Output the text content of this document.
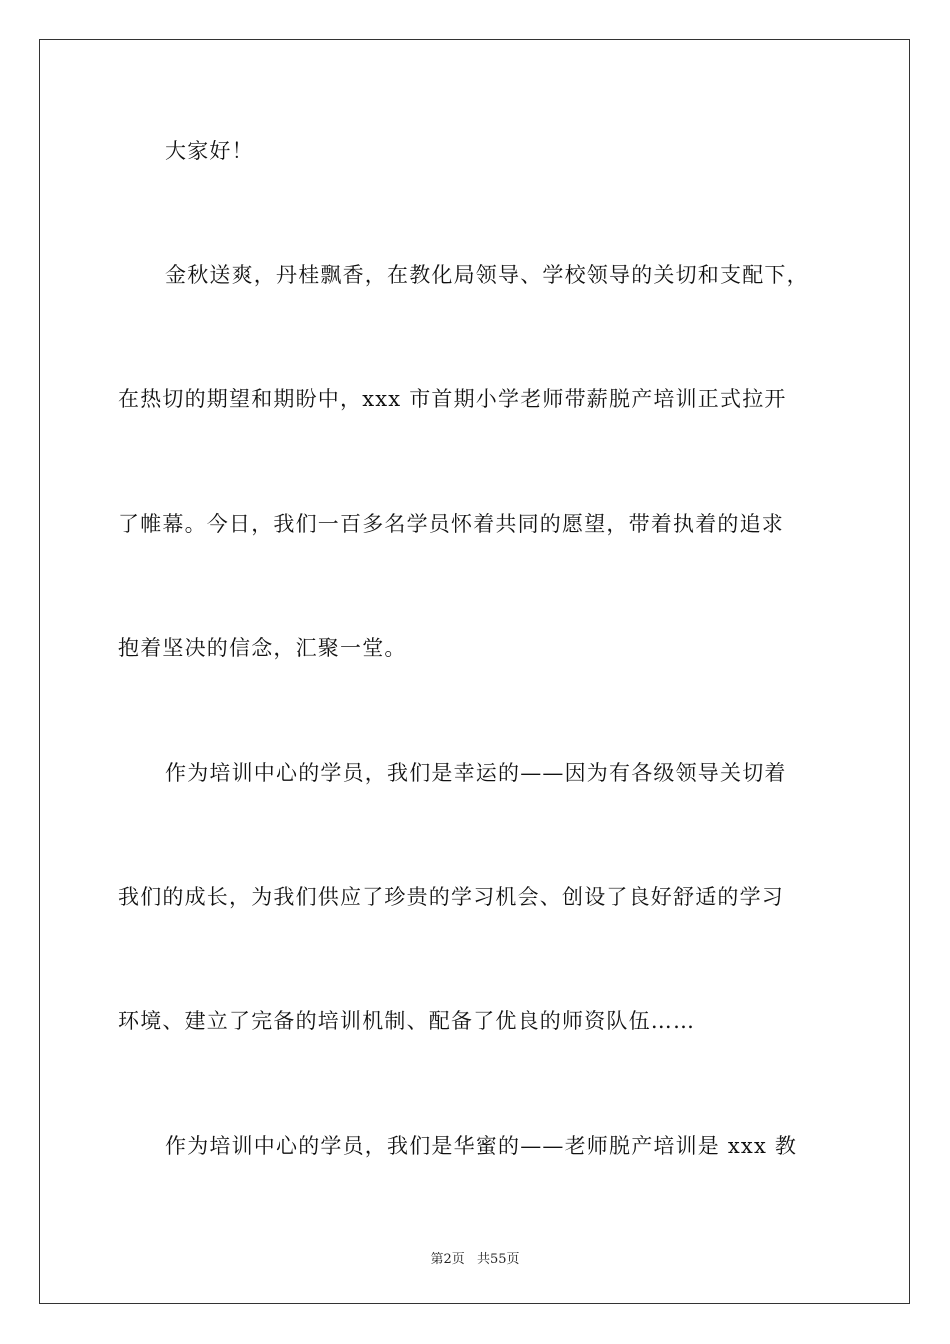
大家好！
金秋送爽，丹桂飘香，在教化局领导、学校领导的关切和支配下，
在热切的期望和期盼中，xxx 市首期小学老师带薪脱产培训正式拉开
了帷幕。今日，我们一百多名学员怀着共同的愿望，带着执着的追求
抱着坚决的信念，汇聚一堂。
作为培训中心的学员，我们是幸运的——因为有各级领导关切着
我们的成长，为我们供应了珍贵的学习机会、创设了良好舒适的学习
环境、建立了完备的培训机制、配备了优良的师资队伍……
作为培训中心的学员，我们是华蜜的——老师脱产培训是 xxx 教
第2页 共55页
